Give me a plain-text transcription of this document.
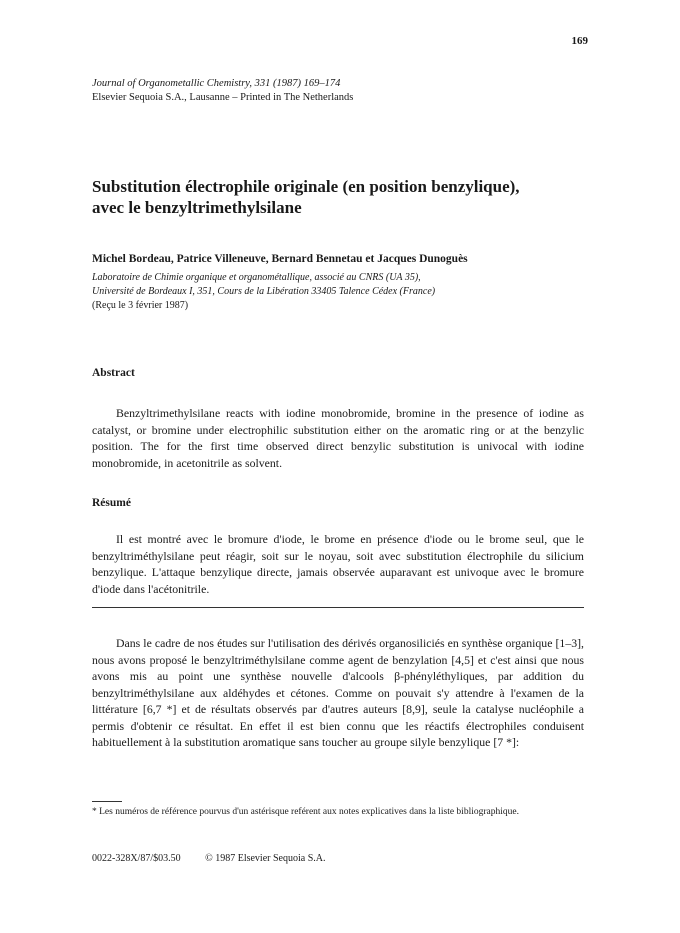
169
Journal of Organometallic Chemistry, 331 (1987) 169–174
Elsevier Sequoia S.A., Lausanne – Printed in The Netherlands
Substitution électrophile originale (en position benzylique),
avec le benzyltrimethylsilane
Michel Bordeau, Patrice Villeneuve, Bernard Bennetau et Jacques Dunoguès
Laboratoire de Chimie organique et organométallique, associé au CNRS (UA 35),
Université de Bordeaux I, 351, Cours de la Libération 33405 Talence Cédex (France)
(Reçu le 3 février 1987)
Abstract

Benzyltrimethylsilane reacts with iodine monobromide, bromine in the presence of iodine as catalyst, or bromine under electrophilic substitution either on the aromatic ring or at the benzylic position. The for the first time observed direct benzylic substitution is univocal with iodine monobromide, in acetonitrile as solvent.

Résumé

Il est montré avec le bromure d'iode, le brome en présence d'iode ou le brome seul, que le benzyltriméthylsilane peut réagir, soit sur le noyau, soit avec substitution électrophile du silicium benzylique. L'attaque benzylique directe, jamais observée auparavant est univoque avec le bromure d'iode dans l'acétonitrile.

Dans le cadre de nos études sur l'utilisation des dérivés organosiliciés en synthèse organique [1–3], nous avons proposé le benzyltriméthylsilane comme agent de benzylation [4,5] et c'est ainsi que nous avons mis au point une synthèse nouvelle d'alcools β-phényléthyliques, par addition du benzyltriméthylsilane aux aldéhydes et cétones. Comme on pouvait s'y attendre à l'examen de la littérature [6,7 *] et de résultats observés par d'autres auteurs [8,9], seule la catalyse nucléophile a permis d'obtenir ce résultat. En effet il est bien connu que les réactifs électrophiles conduisent habituellement à la substitution aromatique sans toucher au groupe silyle benzylique [7 *]:

* Les numéros de référence pourvus d'un astérisque reférent aux notes explicatives dans la liste bibliographique.
0022-328X/87/$03.50 © 1987 Elsevier Sequoia S.A.
